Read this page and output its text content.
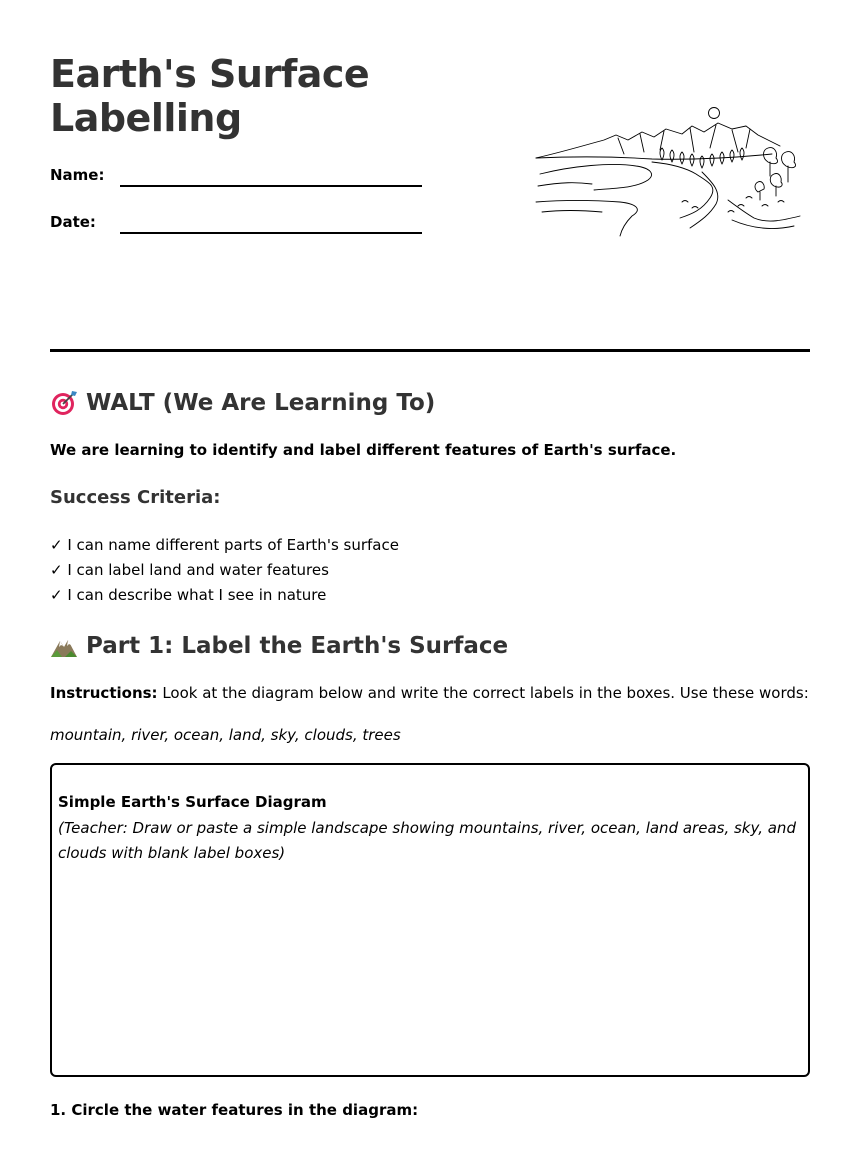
Earth's Surface Labelling
Name:
Date:
WALT (We Are Learning To)
We are learning to identify and label different features of Earth's surface.
Success Criteria:
✓ I can name different parts of Earth's surface
✓ I can label land and water features
✓ I can describe what I see in nature
Part 1: Label the Earth's Surface
Instructions: Look at the diagram below and write the correct labels in the boxes. Use these words:
mountain, river, ocean, land, sky, clouds, trees
Simple Earth's Surface Diagram
(Teacher: Draw or paste a simple landscape showing mountains, river, ocean, land areas, sky, and clouds with blank label boxes)
1. Circle the water features in the diagram:
